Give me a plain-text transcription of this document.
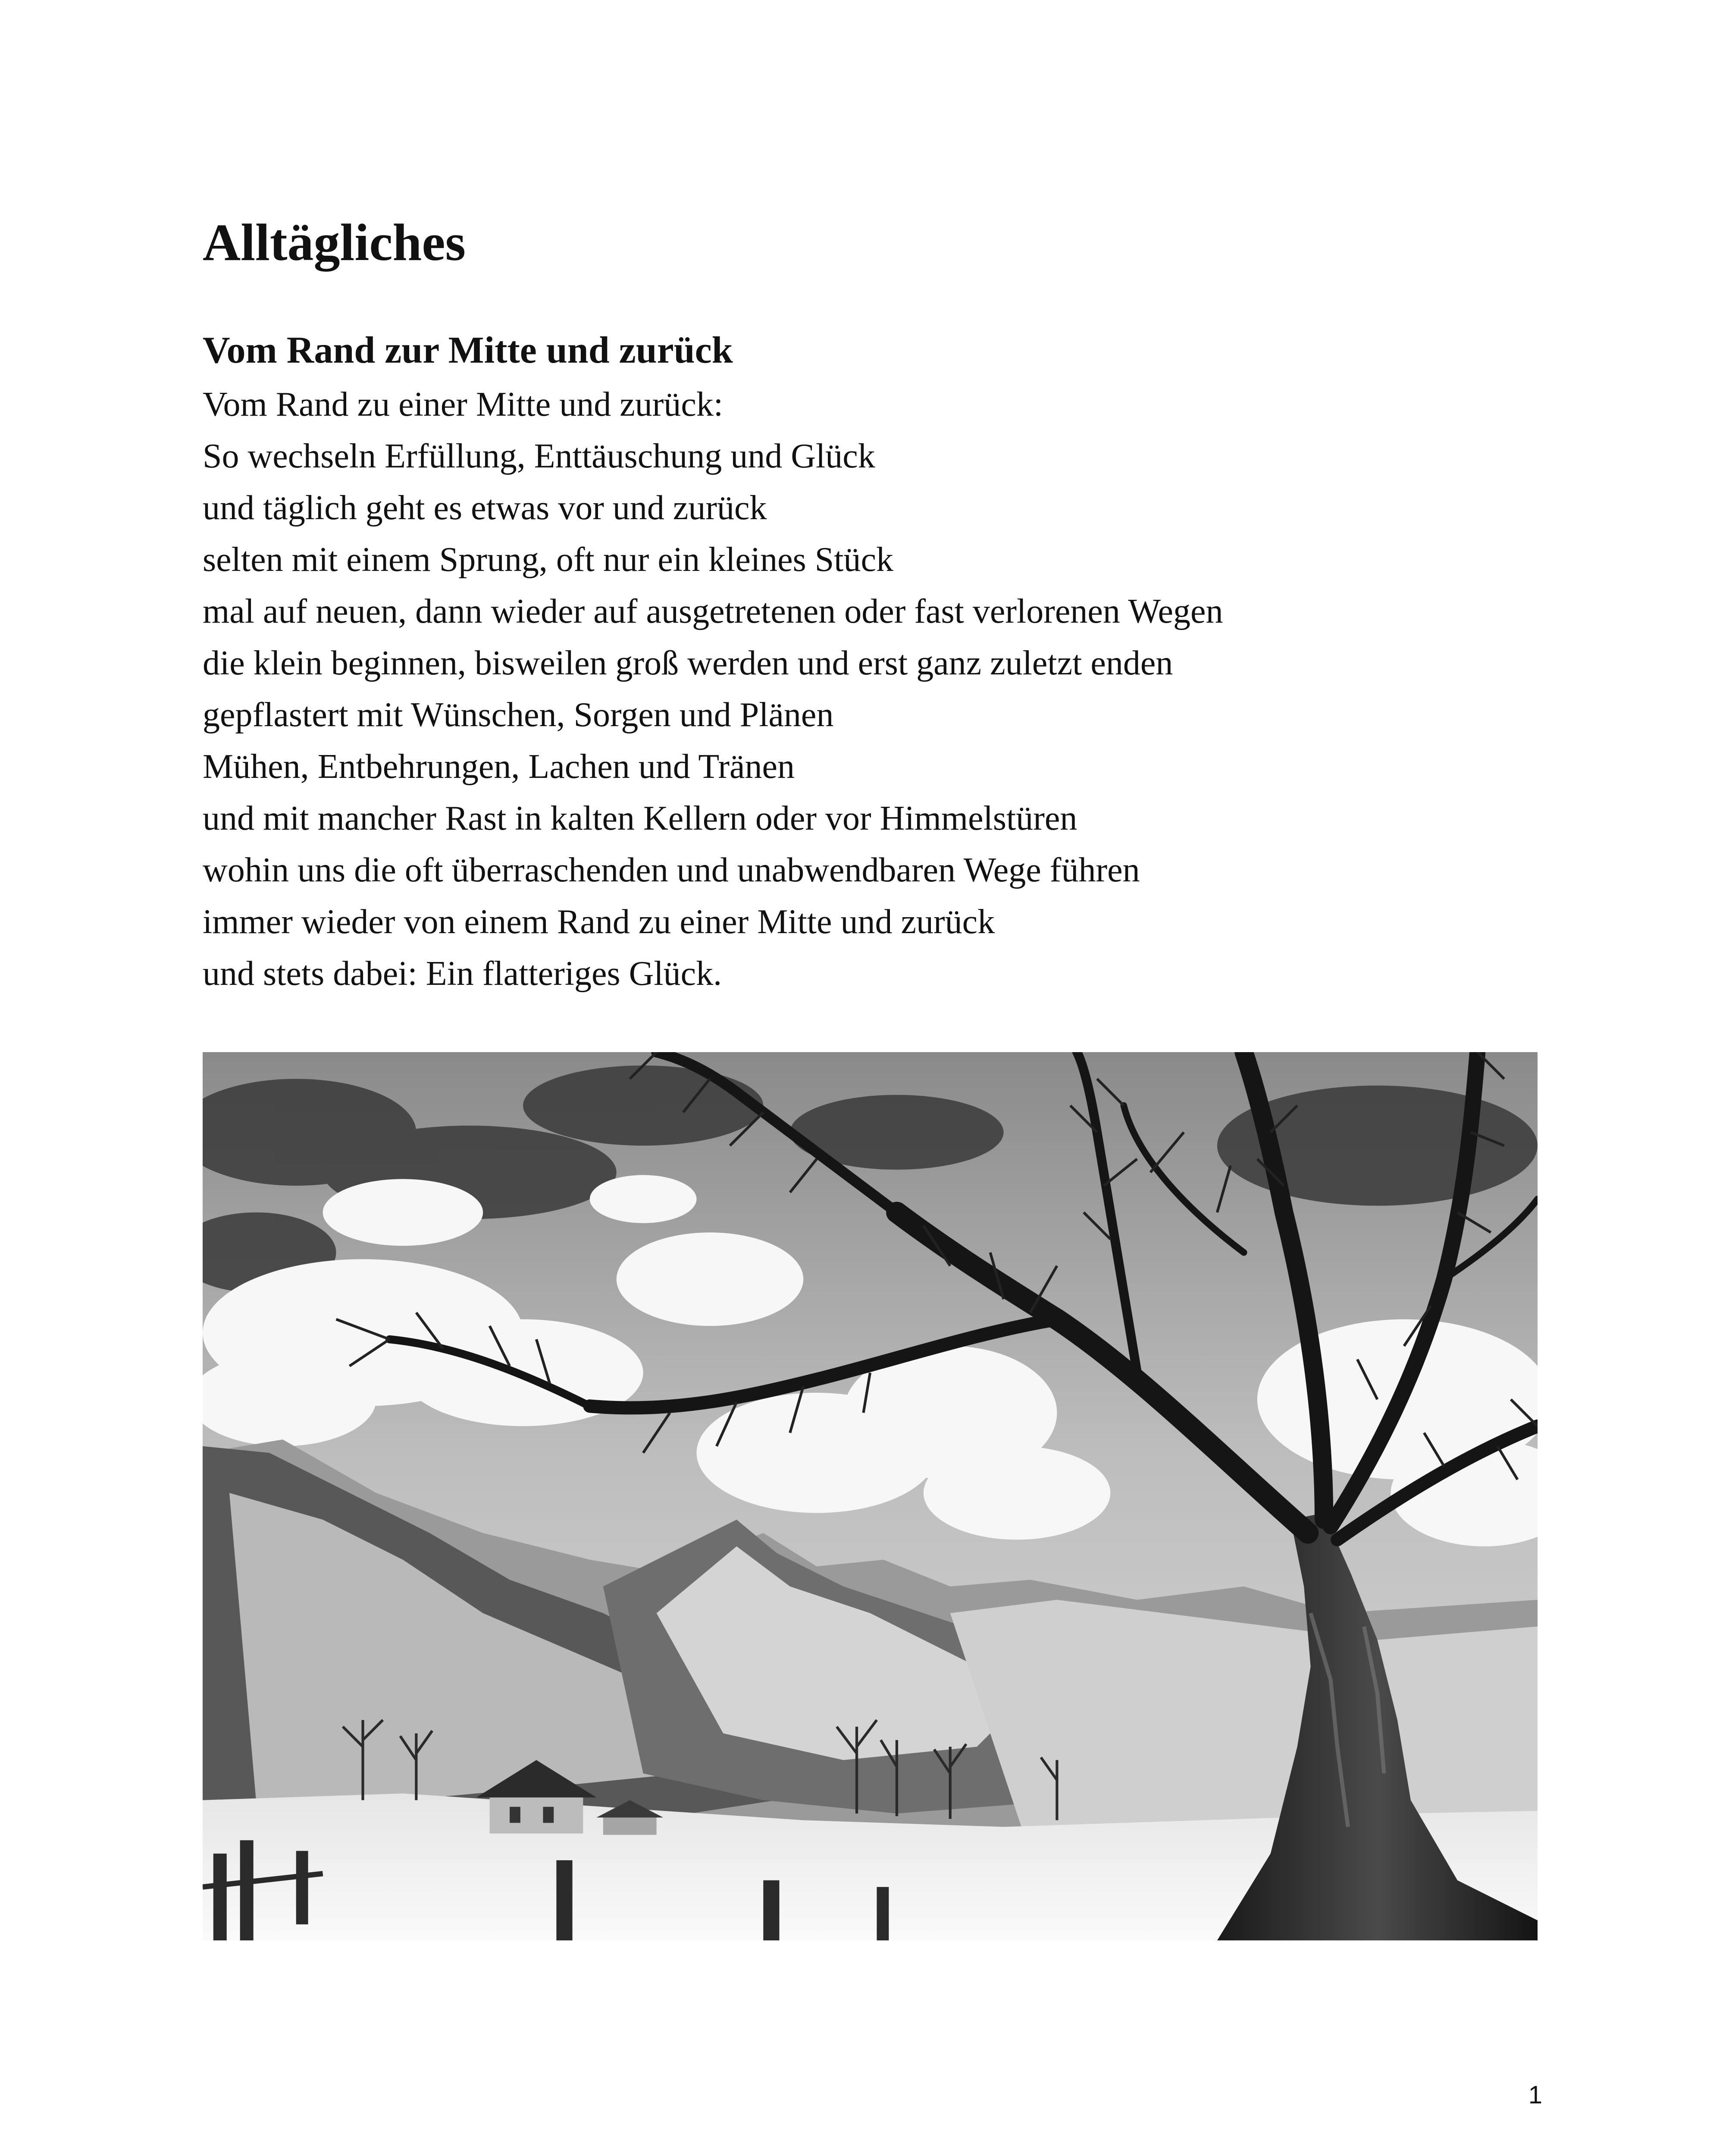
Alltägliches
Vom Rand zur Mitte und zurück
Vom Rand zu einer Mitte und zurück:
So wechseln Erfüllung, Enttäuschung und Glück
und täglich geht es etwas vor und zurück
selten mit einem Sprung, oft nur ein kleines Stück
mal auf neuen, dann wieder auf ausgetretenen oder fast verlorenen Wegen
die klein beginnen, bisweilen groß werden und erst ganz zuletzt enden
gepflastert mit Wünschen, Sorgen und Plänen
Mühen, Entbehrungen, Lachen und Tränen
und mit mancher Rast in kalten Kellern oder vor Himmelstüren
wohin uns die oft überraschenden und unabwendbaren Wege führen
immer wieder von einem Rand zu einer Mitte und zurück
und stets dabei: Ein flatteriges Glück.
1
